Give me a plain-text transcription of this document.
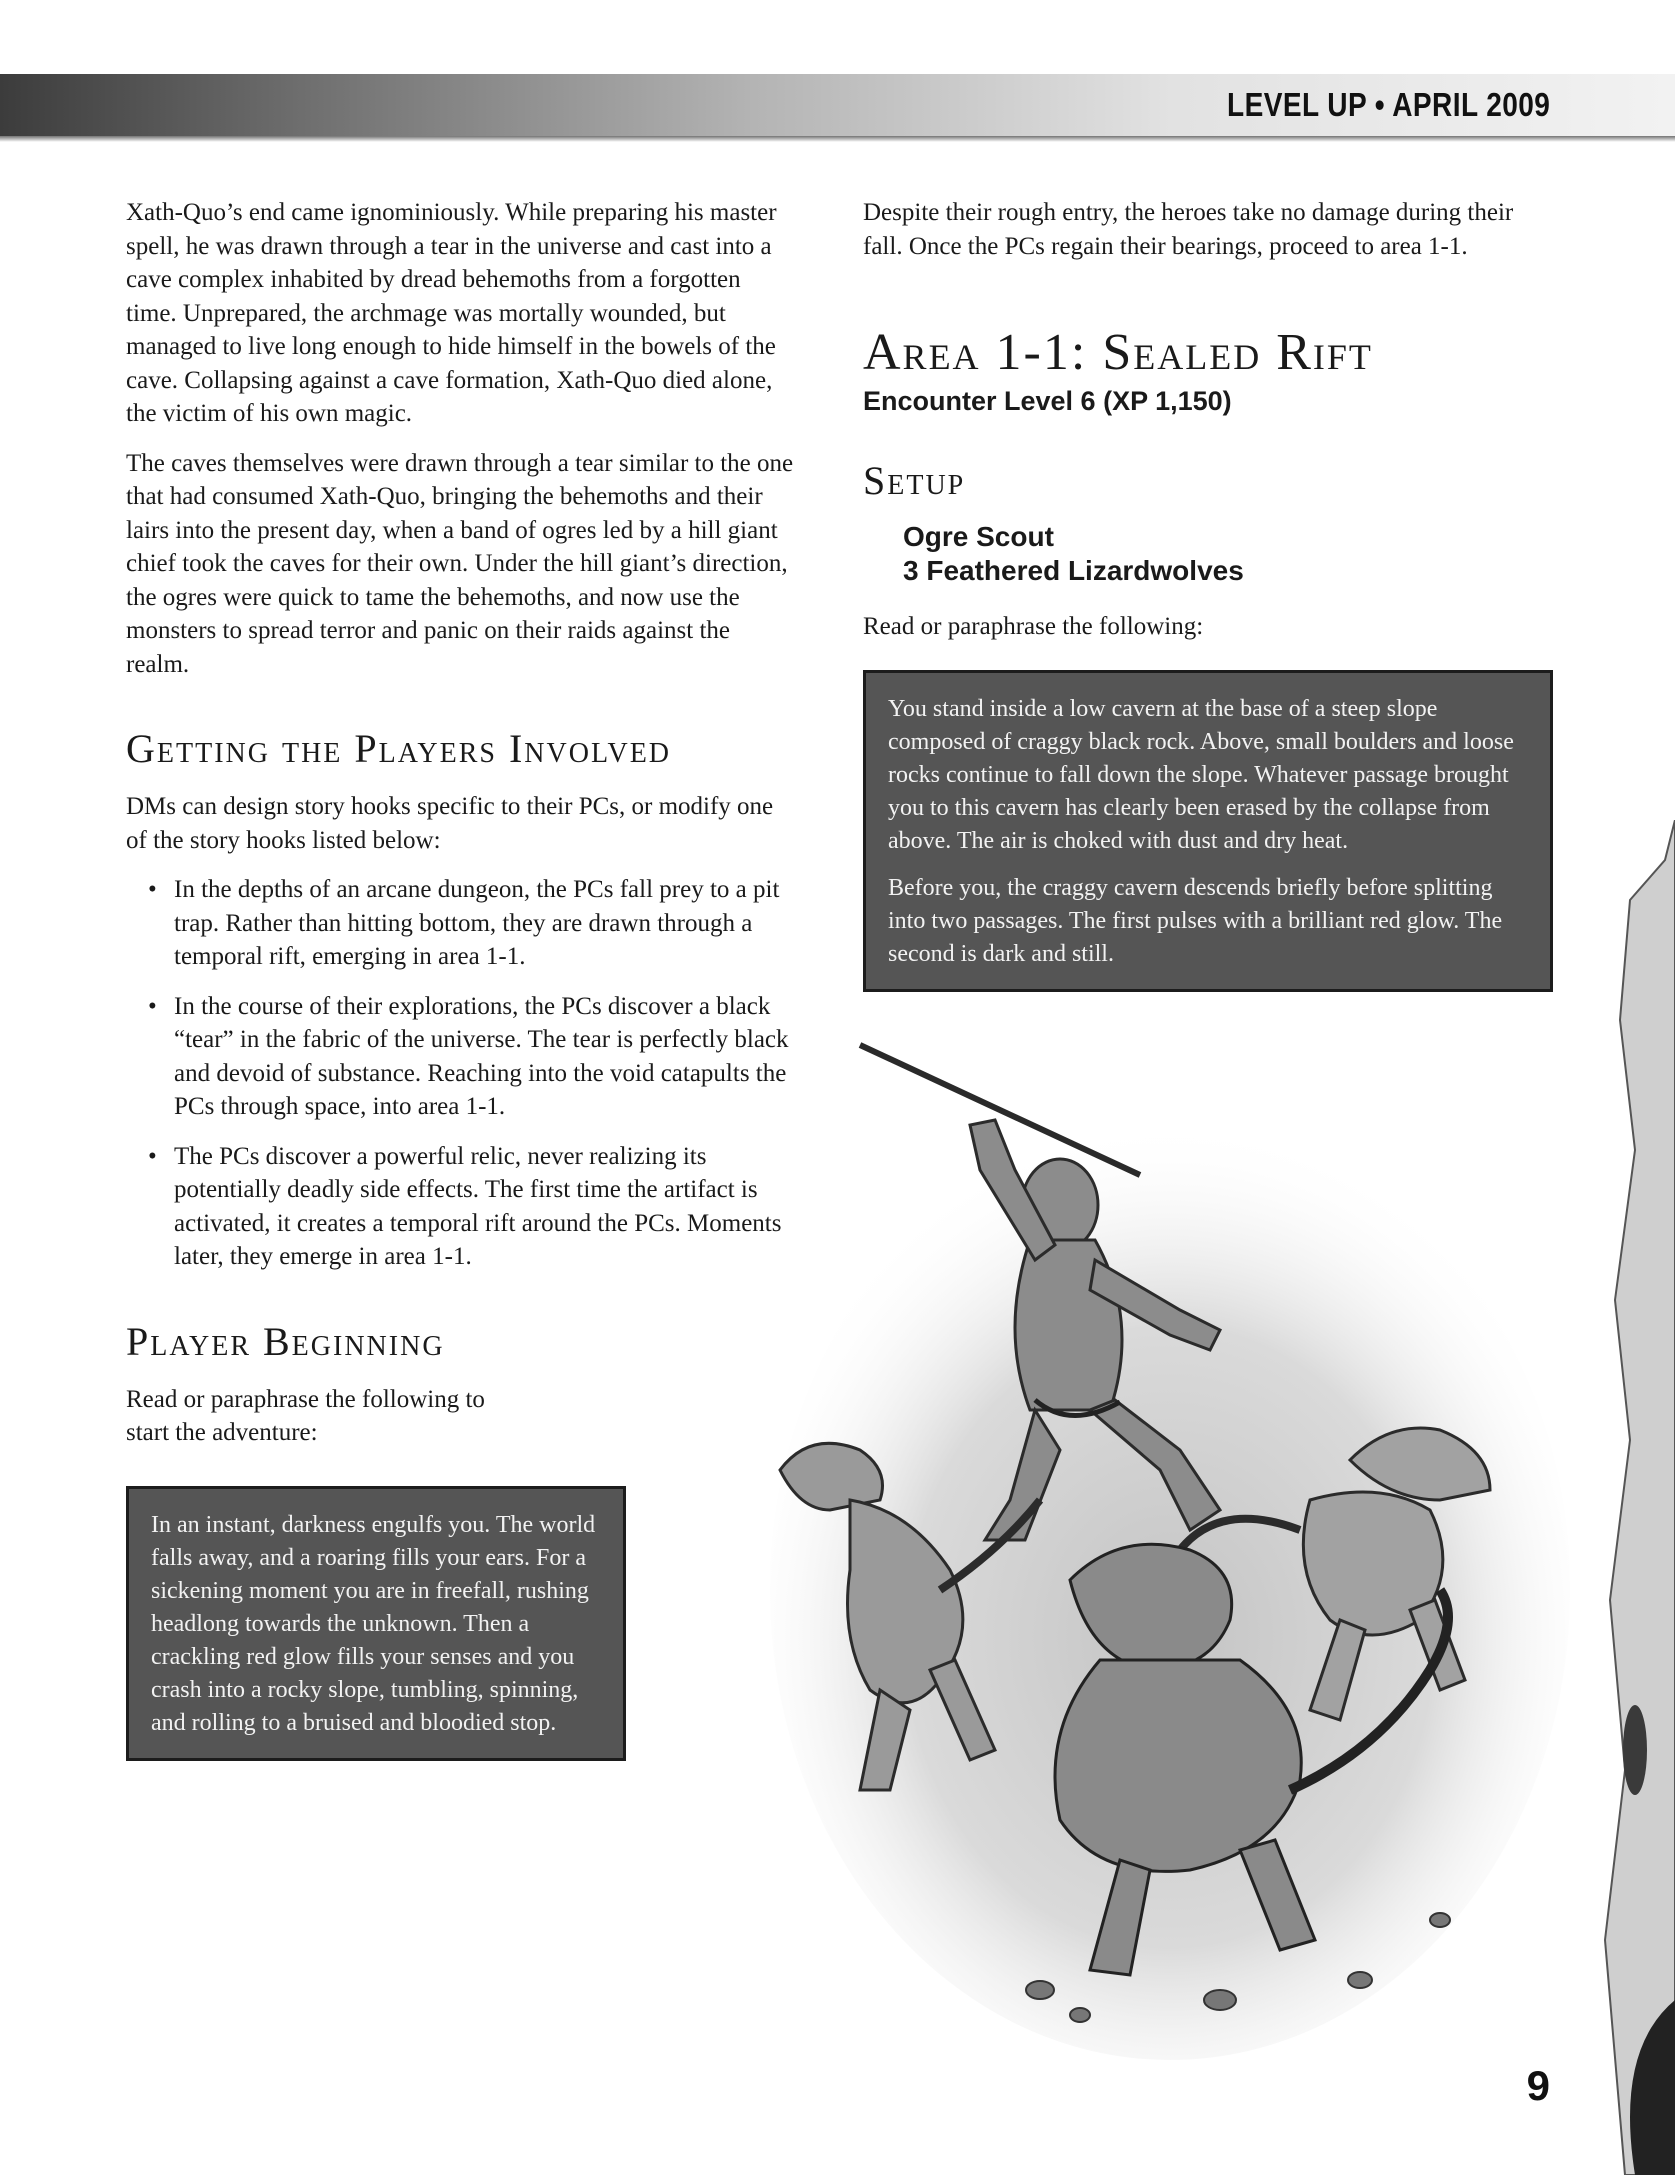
LEVEL UP • APRIL 2009

Xath-Quo’s end came ignominiously. While preparing his master spell, he was drawn through a tear in the universe and cast into a cave complex inhabited by dread behemoths from a forgotten time. Unprepared, the archmage was mortally wounded, but managed to live long enough to hide himself in the bowels of the cave. Collapsing against a cave formation, Xath-Quo died alone, the victim of his own magic.

The caves themselves were drawn through a tear similar to the one that had consumed Xath-Quo, bringing the behemoths and their lairs into the present day, when a band of ogres led by a hill giant chief took the caves for their own. Under the hill giant’s direction, the ogres were quick to tame the behemoths, and now use the monsters to spread terror and panic on their raids against the realm.

Getting the Players Involved

DMs can design story hooks specific to their PCs, or modify one of the story hooks listed below:

• In the depths of an arcane dungeon, the PCs fall prey to a pit trap. Rather than hitting bottom, they are drawn through a temporal rift, emerging in area 1-1.
• In the course of their explorations, the PCs discover a black “tear” in the fabric of the universe. The tear is perfectly black and devoid of substance. Reaching into the void catapults the PCs through space, into area 1-1.
• The PCs discover a powerful relic, never realizing its potentially deadly side effects. The first time the artifact is activated, it creates a temporal rift around the PCs. Moments later, they emerge in area 1-1.
Player Beginning

Read or paraphrase the following to start the adventure:

In an instant, darkness engulfs you. The world falls away, and a roaring fills your ears. For a sickening moment you are in freefall, rushing headlong towards the unknown. Then a crackling red glow fills your senses and you crash into a rocky slope, tumbling, spinning, and rolling to a bruised and bloodied stop.

Despite their rough entry, the heroes take no damage during their fall. Once the PCs regain their bearings, proceed to area 1-1.

Area 1-1: Sealed Rift
Encounter Level 6 (XP 1,150)
Setup
Ogre Scout
3 Feathered Lizardwolves

Read or paraphrase the following:

You stand inside a low cavern at the base of a steep slope composed of craggy black rock. Above, small boulders and loose rocks continue to fall down the slope. Whatever passage brought you to this cavern has clearly been erased by the collapse from above. The air is choked with dust and dry heat.

Before you, the craggy cavern descends briefly before splitting into two passages. The first pulses with a brilliant red glow. The second is dark and still.

9
